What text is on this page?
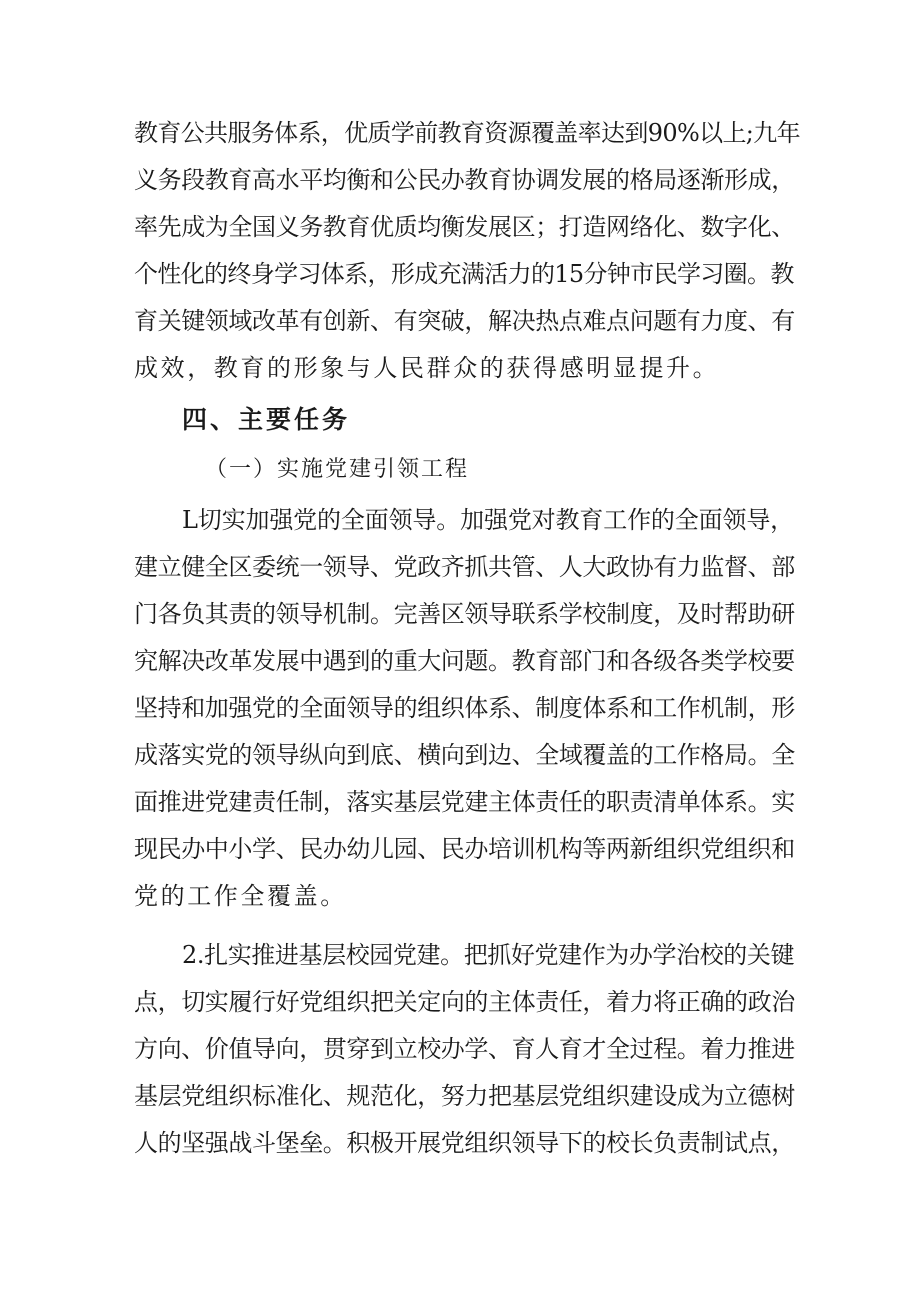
教育公共服务体系，优质学前教育资源覆盖率达到90%以上;九年
义务段教育高水平均衡和公民办教育协调发展的格局逐渐形成，
率先成为全国义务教育优质均衡发展区；打造网络化、数字化、
个性化的终身学习体系，形成充满活力的15分钟市民学习圈。教
育关键领域改革有创新、有突破，解决热点难点问题有力度、有
成效，教育的形象与人民群众的获得感明显提升。
四、主要任务
（一）实施党建引领工程
L切实加强党的全面领导。加强党对教育工作的全面领导，
建立健全区委统一领导、党政齐抓共管、人大政协有力监督、部
门各负其责的领导机制。完善区领导联系学校制度，及时帮助研
究解决改革发展中遇到的重大问题。教育部门和各级各类学校要
坚持和加强党的全面领导的组织体系、制度体系和工作机制，形
成落实党的领导纵向到底、横向到边、全域覆盖的工作格局。全
面推进党建责任制，落实基层党建主体责任的职责清单体系。实
现民办中小学、民办幼儿园、民办培训机构等两新组织党组织和
党的工作全覆盖。
2.扎实推进基层校园党建。把抓好党建作为办学治校的关键
点，切实履行好党组织把关定向的主体责任，着力将正确的政治
方向、价值导向，贯穿到立校办学、育人育才全过程。着力推进
基层党组织标准化、规范化，努力把基层党组织建设成为立德树
人的坚强战斗堡垒。积极开展党组织领导下的校长负责制试点，
